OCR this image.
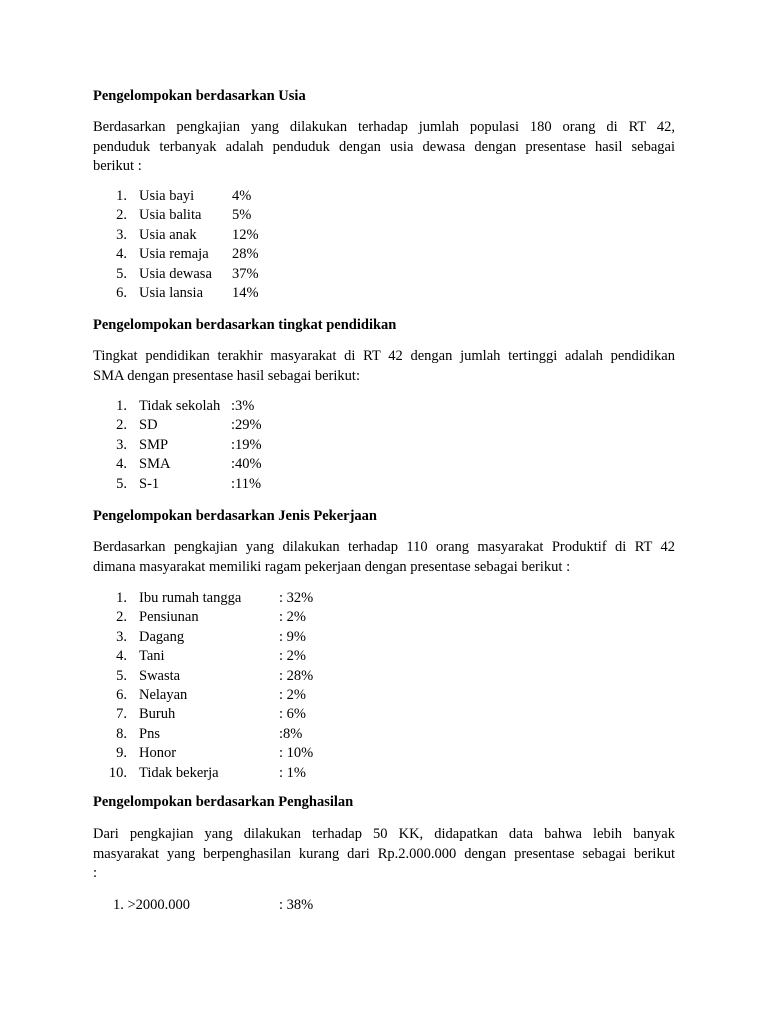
Pengelompokan berdasarkan Usia
Berdasarkan pengkajian yang dilakukan terhadap jumlah populasi 180 orang di RT 42,
penduduk terbanyak adalah penduduk dengan usia dewasa dengan presentase hasil sebagai
berikut :
1. Usia bayi	4%
2. Usia balita 5%
3. Usia anak 12%
4. Usia remaja 28%
5. Usia dewasa 37%
6. Usia lansia 14%
Pengelompokan berdasarkan tingkat pendidikan
Tingkat pendidikan terakhir masyarakat di RT 42 dengan jumlah tertinggi adalah pendidikan
SMA dengan presentase hasil sebagai berikut:
1. Tidak sekolah :3%
2. SD	:29%
3. SMP	:19%
4. SMA	:40%
5. S-1	:11%
Pengelompokan berdasarkan Jenis Pekerjaan
Berdasarkan pengkajian yang dilakukan terhadap 110 orang masyarakat Produktif di RT 42
dimana masyarakat memiliki ragam pekerjaan dengan presentase sebagai berikut :
1. Ibu rumah tangga	: 32%
2. Pensiunan	: 2%
3. Dagang	: 9%
4. Tani	: 2%
5. Swasta	: 28%
6. Nelayan	: 2%
7. Buruh	: 6%
8. Pns	:8%
9. Honor	: 10%
10. Tidak bekerja	: 1%
Pengelompokan berdasarkan Penghasilan
Dari pengkajian yang dilakukan terhadap 50 KK, didapatkan data bahwa lebih banyak
masyarakat yang berpenghasilan kurang dari Rp.2.000.000 dengan presentase sebagai berikut
:
1. >2000.000	: 38%
